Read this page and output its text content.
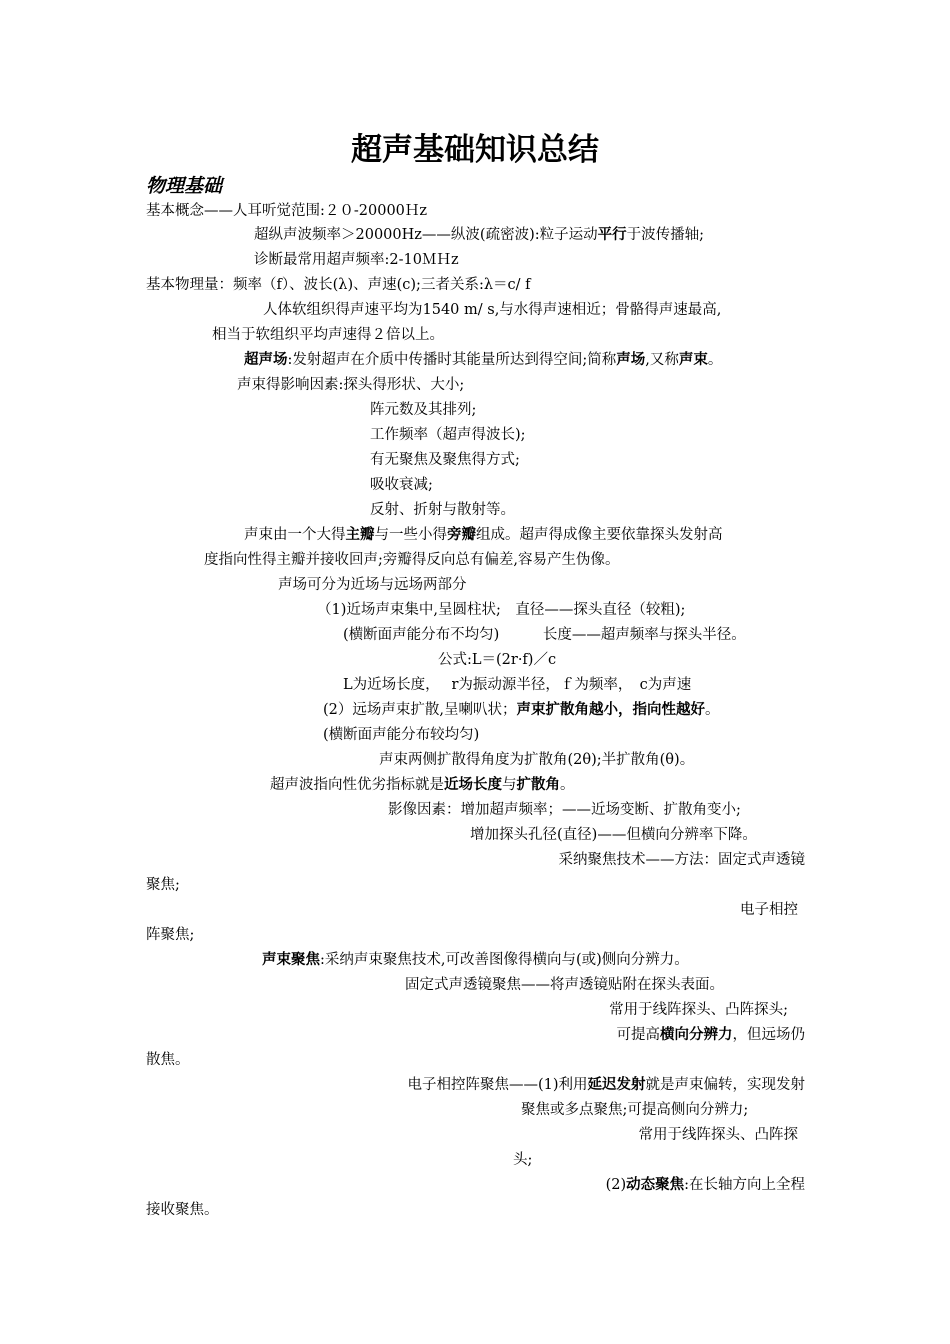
超声基础知识总结
物理基础
基本概念——人耳听觉范围:２０-20000Ｈz
超纵声波频率＞20000Hz——纵波(疏密波):粒子运动平行于波传播轴;
诊断最常用超声频率:2-10ＭＨz
基本物理量：频率（f）、波长(λ)、声速(c);三者关系:λ＝c/ f
人体软组织得声速平均为1540 m/ s,与水得声速相近；骨骼得声速最高,
相当于软组织平均声速得２倍以上。
超声场:发射超声在介质中传播时其能量所达到得空间;简称声场,又称声束。
声束得影响因素:探头得形状、大小;
阵元数及其排列;
工作频率（超声得波长);
有无聚焦及聚焦得方式;
吸收衰减;
反射、折射与散射等。
声束由一个大得主瓣与一些小得旁瓣组成。超声得成像主要依靠探头发射高
度指向性得主瓣并接收回声;旁瓣得反向总有偏差,容易产生伪像。
声场可分为近场与远场两部分
（1)近场声束集中,呈圆柱状;　直径——探头直径（较粗);
(横断面声能分布不均匀)　　　长度——超声频率与探头半径。
公式:L＝(2r·f)／c
L为近场长度，　 r为振动源半径，ｆ为频率，　c为声速
(2）远场声束扩散,呈喇叭状；声束扩散角越小，指向性越好。
(横断面声能分布较均匀)
声束两侧扩散得角度为扩散角(2θ);半扩散角(θ)。
超声波指向性优劣指标就是近场长度与扩散角。
影像因素：增加超声频率；——近场变断、扩散角变小;
增加探头孔径(直径)——但横向分辨率下降。
采纳聚焦技术——方法：固定式声透镜
聚焦;
电子相控
阵聚焦;
声束聚焦:采纳声束聚焦技术,可改善图像得横向与(或)侧向分辨力。
固定式声透镜聚焦——将声透镜贴附在探头表面。
常用于线阵探头、凸阵探头;
可提高横向分辨力，但远场仍
散焦。
电子相控阵聚焦——(1)利用延迟发射就是声束偏转，实现发射
聚焦或多点聚焦;可提高侧向分辨力;
常用于线阵探头、凸阵探
头;
(2)动态聚焦:在长轴方向上全程
接收聚焦。
